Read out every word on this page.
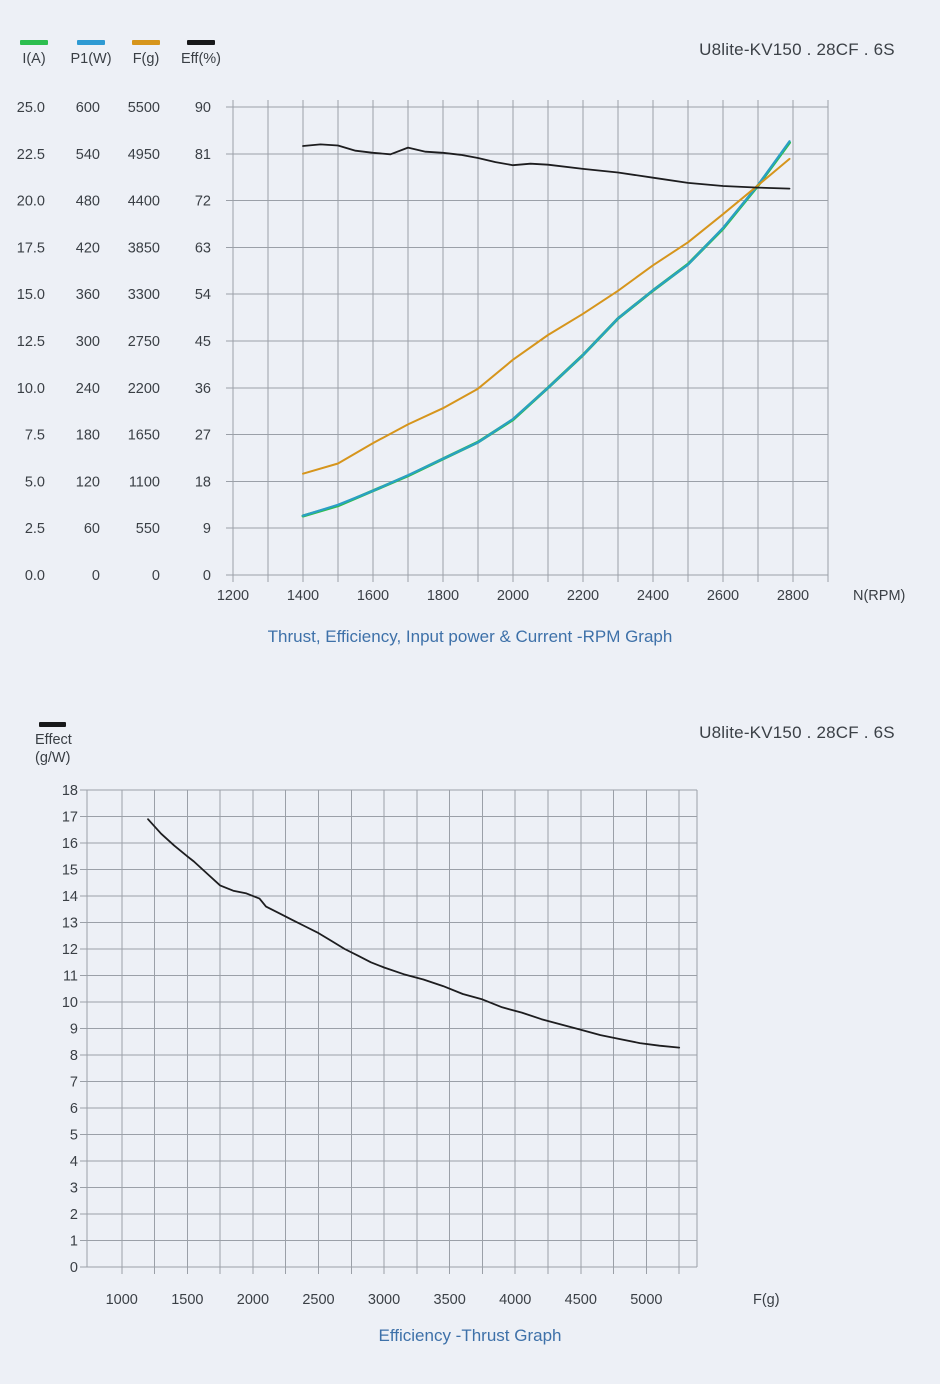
I(A) P1(W) F(g) Eff(%)
25.0
22.5
20.0
17.5
15.0
12.5
10.0
7.5
5.0
2.5
0.0
600
540
480
420
360
300
240
180
120
60
0
5500
4950
4400
3850
3300
2750
2200
1650
1100
550
0
90
81
72
63
54
45
36
27
18
9
0
1200	1400	1600	1800	2000	2200	2400	2600	2800
Effect
(g/W)
18
17
16
15
14
13
12
11
10
9
8
7
6
5
4
3
2
1
0
1000 1500 2000 2500 3000 3500 4000 4500 5000
U8lite-KV150 . 28CF . 6S
N(RPM)
Thrust, Efficiency, Input power & Current -RPM Graph
U8lite-KV150 . 28CF . 6S
F(g)
Efficiency -Thrust Graph
